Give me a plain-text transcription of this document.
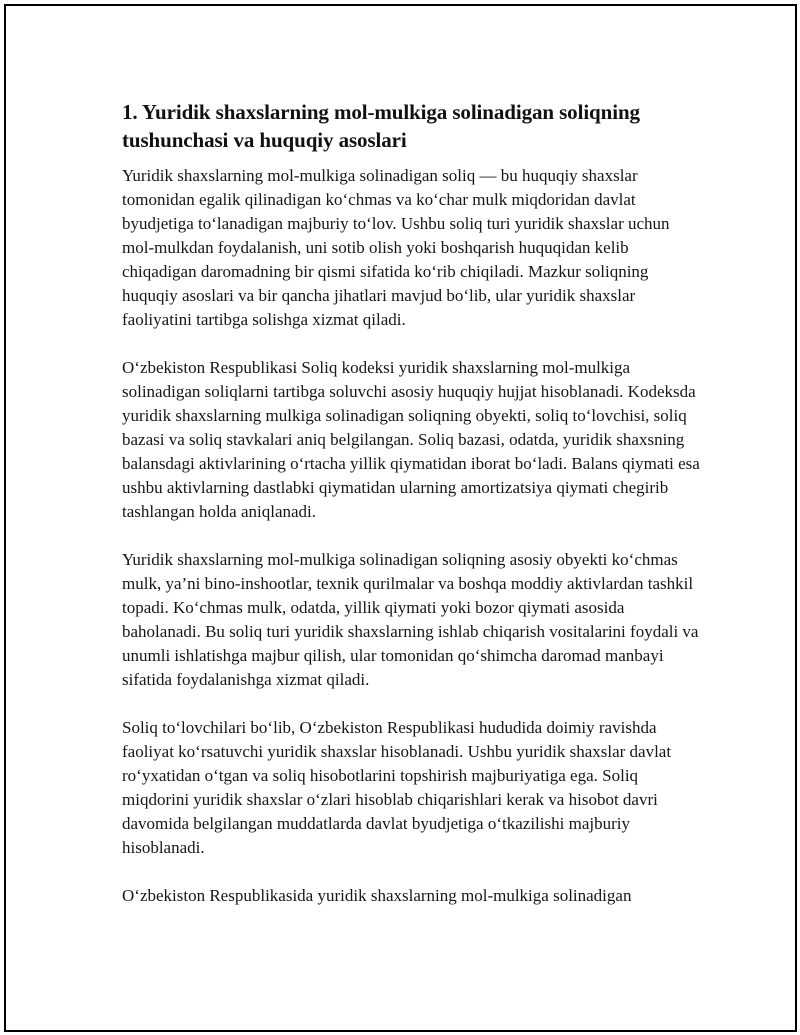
1. Yuridik shaxslarning mol-mulkiga solinadigan soliqning tushunchasi va huquqiy asoslari

Yuridik shaxslarning mol-mulkiga solinadigan soliq — bu huquqiy shaxslar tomonidan egalik qilinadigan koʻchmas va koʻchar mulk miqdoridan davlat byudjetiga toʻlanadigan majburiy toʻlov. Ushbu soliq turi yuridik shaxslar uchun mol-mulkdan foydalanish, uni sotib olish yoki boshqarish huquqidan kelib chiqadigan daromadning bir qismi sifatida koʻrib chiqiladi. Mazkur soliqning huquqiy asoslari va bir qancha jihatlari mavjud boʻlib, ular yuridik shaxslar faoliyatini tartibga solishga xizmat qiladi.

Oʻzbekiston Respublikasi Soliq kodeksi yuridik shaxslarning mol-mulkiga solinadigan soliqlarni tartibga soluvchi asosiy huquqiy hujjat hisoblanadi. Kodeksda yuridik shaxslarning mulkiga solinadigan soliqning obyekti, soliq toʻlovchisi, soliq bazasi va soliq stavkalari aniq belgilangan. Soliq bazasi, odatda, yuridik shaxsning balansdagi aktivlarining oʻrtacha yillik qiymatidan iborat boʻladi. Balans qiymati esa ushbu aktivlarning dastlabki qiymatidan ularning amortizatsiya qiymati chegirib tashlangan holda aniqlanadi.

Yuridik shaxslarning mol-mulkiga solinadigan soliqning asosiy obyekti koʻchmas mulk, ya’ni bino-inshootlar, texnik qurilmalar va boshqa moddiy aktivlardan tashkil topadi. Koʻchmas mulk, odatda, yillik qiymati yoki bozor qiymati asosida baholanadi. Bu soliq turi yuridik shaxslarning ishlab chiqarish vositalarini foydali va unumli ishlatishga majbur qilish, ular tomonidan qoʻshimcha daromad manbayi sifatida foydalanishga xizmat qiladi.

Soliq toʻlovchilari boʻlib, Oʻzbekiston Respublikasi hududida doimiy ravishda faoliyat koʻrsatuvchi yuridik shaxslar hisoblanadi. Ushbu yuridik shaxslar davlat roʻyxatidan oʻtgan va soliq hisobotlarini topshirish majburiyatiga ega. Soliq miqdorini yuridik shaxslar oʻzlari hisoblab chiqarishlari kerak va hisobot davri davomida belgilangan muddatlarda davlat byudjetiga oʻtkazilishi majburiy hisoblanadi.

Oʻzbekiston Respublikasida yuridik shaxslarning mol-mulkiga solinadigan
